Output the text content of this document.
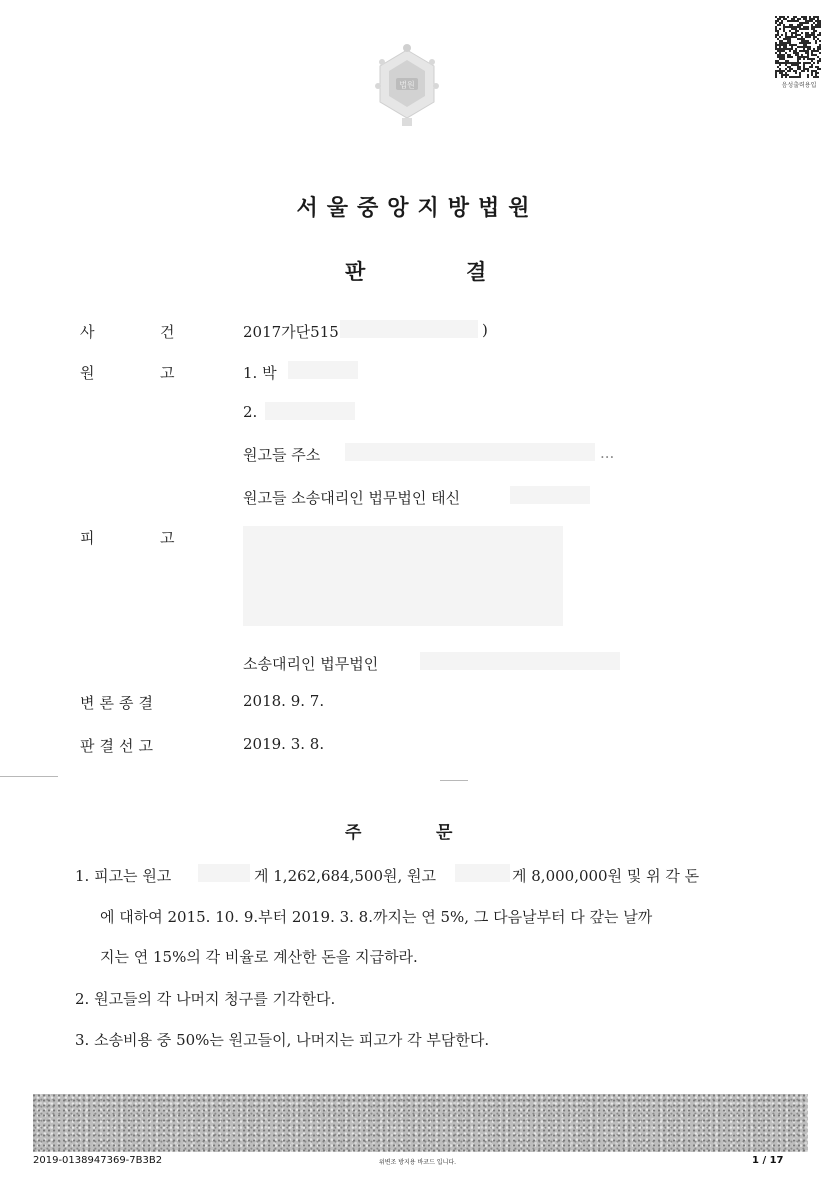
법원	음성출력용입
서울중앙지방법원
판	결
사	건	2017가단515	)
원	고	1. 박
2.
원고들 주소	...
원고들 소송대리인 법무법인 태신
피	고
소송대리인 법무법인
변론종결	2018. 9. 7.
판결선고	2019. 3. 8.
주	문
1. 피고는 원고	게 1,262,684,500원, 원고	게 8,000,000원 및 위 각 돈
에 대하여 2015. 10. 9.부터 2019. 3. 8.까지는 연 5%, 그 다음날부터 다 갚는 날까
지는 연 15%의 각 비율로 계산한 돈을 지급하라.
2. 원고들의 각 나머지 청구를 기각한다.
3. 소송비용 중 50%는 원고들이, 나머지는 피고가 각 부담한다.
2019-0138947369-7B3B2	위변조 방지용 바코드 입니다.	1 / 17
